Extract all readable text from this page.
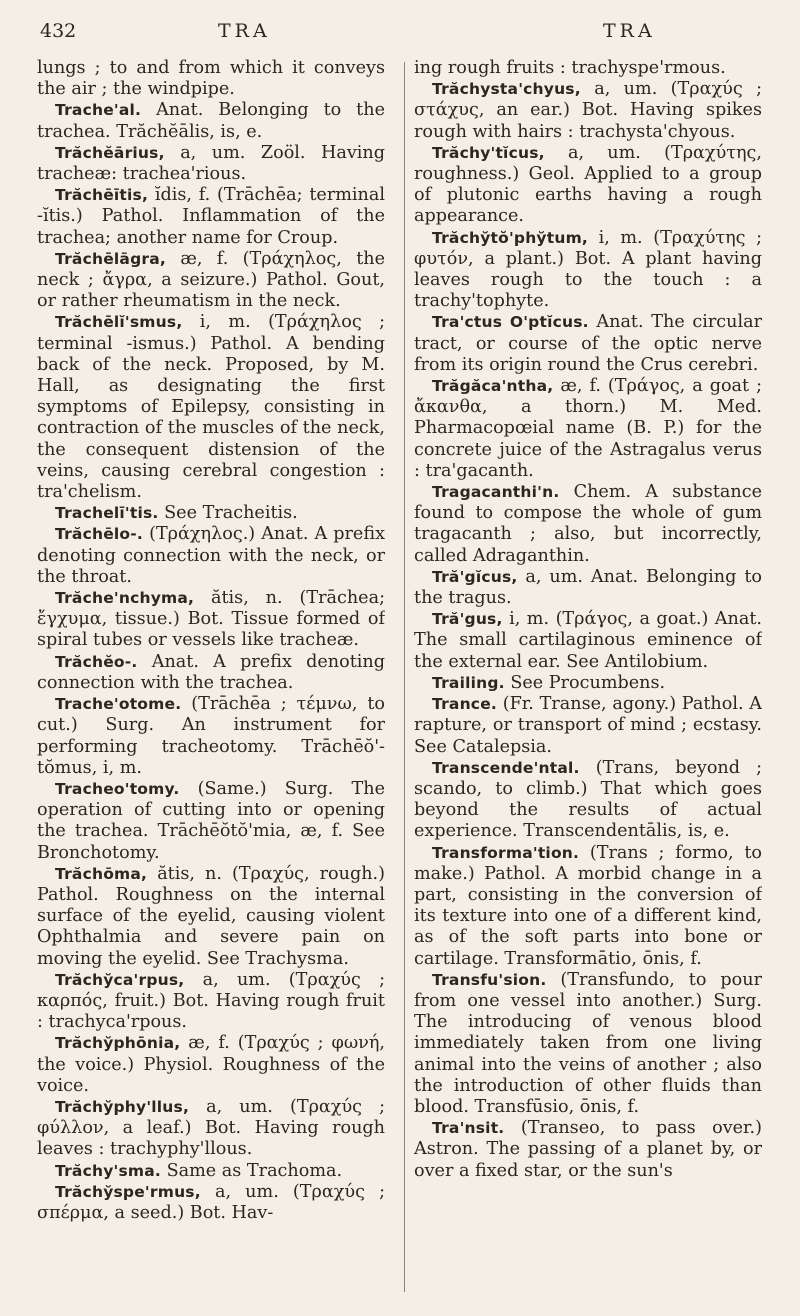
432	TRA	TRA

lungs ; to and from which it conveys the air ; the windpipe.

Trache'al. Anat. Belonging to the trachea. Trăchĕālis, is, e.

Trăchĕārius, a, um. Zoöl. Having tracheæ: trachea'rious.

Trăchēītis, ĭdis, f. (Trāchēa; terminal -ĭtis.) Pathol. Inflammation of the trachea; another name for Croup.

Trăchēlāgra, æ, f. (Τράχηλος, the neck ; ἄγρα, a seizure.) Pathol. Gout, or rather rheumatism in the neck.

Trăchēlĭ'smus, i, m. (Τράχηλος ; terminal -ismus.) Pathol. A bending back of the neck. Proposed, by M. Hall, as designating the first symptoms of Epilepsy, consisting in contraction of the muscles of the neck, the consequent distension of the veins, causing cerebral congestion : tra'chelism.

Trachelī'tis. See Tracheitis.

Trăchēlo-. (Τράχηλος.) Anat. A prefix denoting connection with the neck, or the throat.

Trăche'nchyma, ătis, n. (Trāchea; ἔγχυμα, tissue.) Bot. Tissue formed of spiral tubes or vessels like tracheæ.

Trăchĕo-. Anat. A prefix denoting connection with the trachea.

Trache'otome. (Trāchēa ; τέμνω, to cut.) Surg. An instrument for performing tracheotomy. Trāchēŏ'tŏmus, i, m.

Tracheo'tomy. (Same.) Surg. The operation of cutting into or opening the trachea. Trāchēŏtŏ'mia, æ, f. See Bronchotomy.

Trăchōma, ătis, n. (Τραχύς, rough.) Pathol. Roughness on the internal surface of the eyelid, causing violent Ophthalmia and severe pain on moving the eyelid. See Trachysma.

Trăchўca'rpus, a, um. (Τραχύς ; καρπός, fruit.) Bot. Having rough fruit : trachyca'rpous.

Trăchўphōnia, æ, f. (Τραχύς ; φωνή, the voice.) Physiol. Roughness of the voice.

Trăchўphy'llus, a, um. (Τραχύς ; φύλλον, a leaf.) Bot. Having rough leaves : trachyphy'llous.

Trăchy'sma. Same as Trachoma.

Trăchўspe'rmus, a, um. (Τραχύς ; σπέρμα, a seed.) Bot. Hav-

ing rough fruits : trachyspe'rmous.

Trăchysta'chyus, a, um. (Τραχύς ; στάχυς, an ear.) Bot. Having spikes rough with hairs : trachysta'chyous.

Trăchy'tĭcus, a, um. (Τραχύτης, roughness.) Geol. Applied to a group of plutonic earths having a rough appearance.

Trăchўtŏ'phўtum, i, m. (Τραχύτης ; φυτόν, a plant.) Bot. A plant having leaves rough to the touch : a trachy'tophyte.

Tra'ctus O'ptĭcus. Anat. The circular tract, or course of the optic nerve from its origin round the Crus cerebri.

Trăgăca'ntha, æ, f. (Τράγος, a goat ; ἄκανθα, a thorn.) M. Med. Pharmacopœial name (B. P.) for the concrete juice of the Astragalus verus : tra'gacanth.

Tragacanthi'n. Chem. A substance found to compose the whole of gum tragacanth ; also, but incorrectly, called Adraganthin.

Tră'gĭcus, a, um. Anat. Belonging to the tragus.

Tră'gus, i, m. (Τράγος, a goat.) Anat. The small cartilaginous eminence of the external ear. See Antilobium.

Trailing. See Procumbens.

Trance. (Fr. Transe, agony.) Pathol. A rapture, or transport of mind ; ecstasy. See Catalepsia.

Transcende'ntal. (Trans, beyond ; scando, to climb.) That which goes beyond the results of actual experience. Transcendentālis, is, e.

Transforma'tion. (Trans ; formo, to make.) Pathol. A morbid change in a part, consisting in the conversion of its texture into one of a different kind, as of the soft parts into bone or cartilage. Transformātio, ōnis, f.

Transfu'sion. (Transfundo, to pour from one vessel into another.) Surg. The introducing of venous blood immediately taken from one living animal into the veins of another ; also the introduction of other fluids than blood. Transfūsio, ōnis, f.

Tra'nsit. (Transeo, to pass over.) Astron. The passing of a planet by, or over a fixed star, or the sun's
